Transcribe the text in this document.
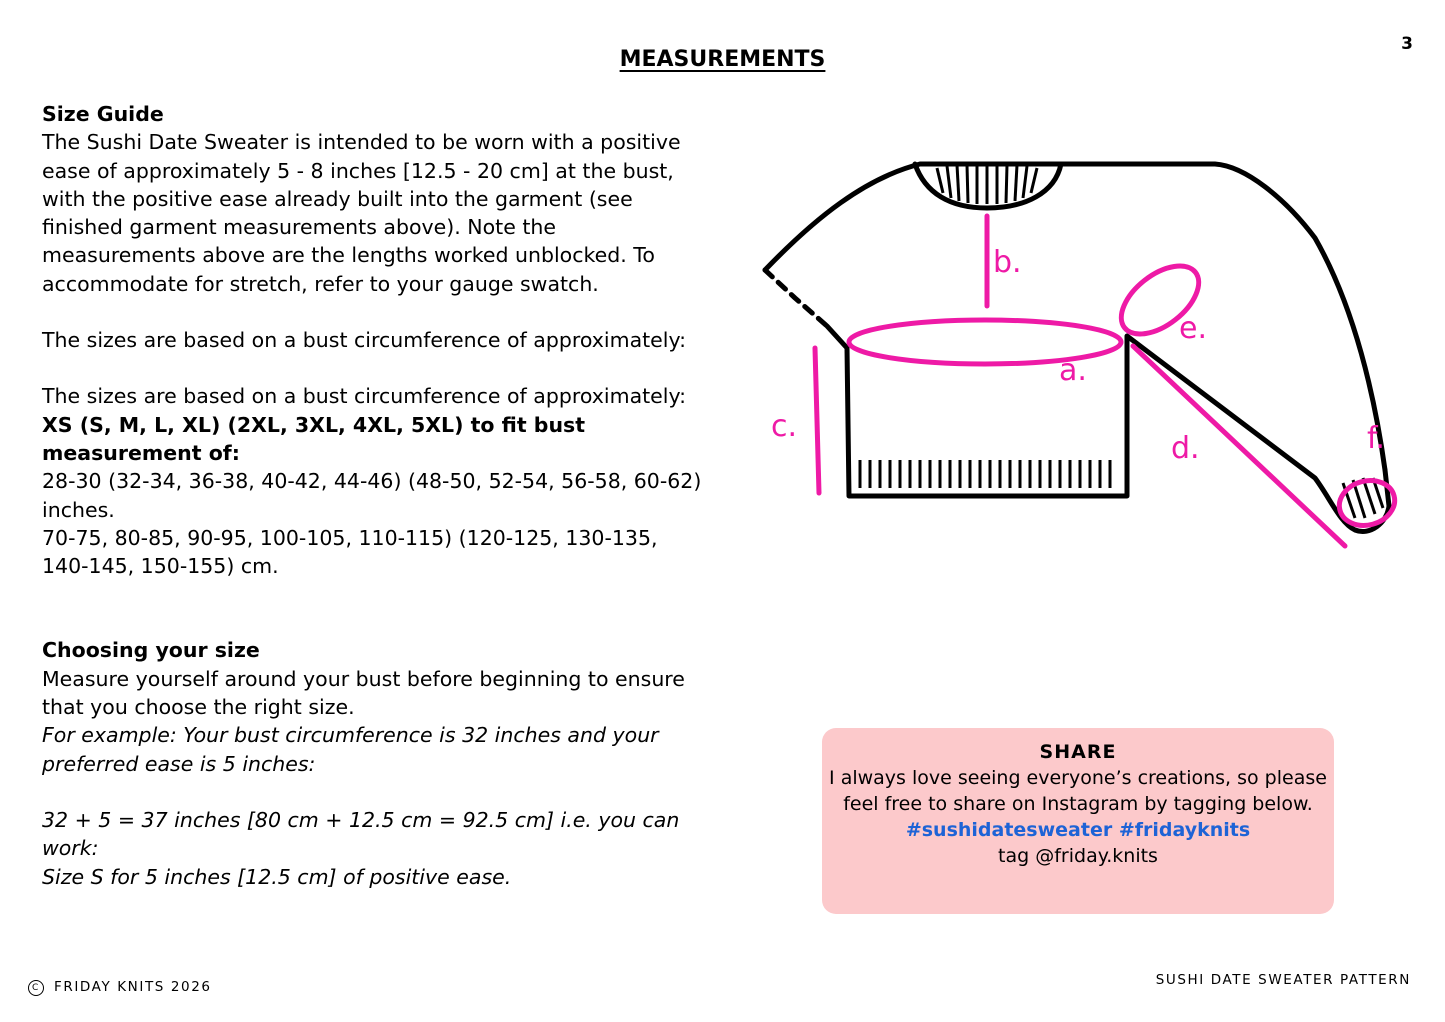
3
MEASUREMENTS

Size Guide

The Sushi Date Sweater is intended to be worn with a positive ease of approximately 5 - 8 inches [12.5 - 20 cm] at the bust, with the positive ease already built into the garment (see finished garment measurements above). Note the measurements above are the lengths worked unblocked. To accommodate for stretch, refer to your gauge swatch.

The sizes are based on a bust circumference of approximately:

The sizes are based on a bust circumference of approximately:

XS (S, M, L, XL) (2XL, 3XL, 4XL, 5XL) to fit bust measurement of:

28-30 (32-34, 36-38, 40-42, 44-46) (48-50, 52-54, 56-58, 60-62) inches.

70-75, 80-85, 90-95, 100-105, 110-115) (120-125, 130-135, 140-145, 150-155) cm.

Choosing your size

Measure yourself around your bust before beginning to ensure that you choose the right size.

For example: Your bust circumference is 32 inches and your preferred ease is 5 inches:

32 + 5 = 37 inches [80 cm + 12.5 cm = 92.5 cm] i.e. you can work:

Size S for 5 inches [12.5 cm] of positive ease.

b.
a.
c.
d.
e.
f.
SHARE
I always love seeing everyone’s creations, so please feel free to share on Instagram by tagging below.
#sushidatesweater #fridayknits
tag @friday.knits
C FRIDAY KNITS 2026	SUSHI DATE SWEATER PATTERN
